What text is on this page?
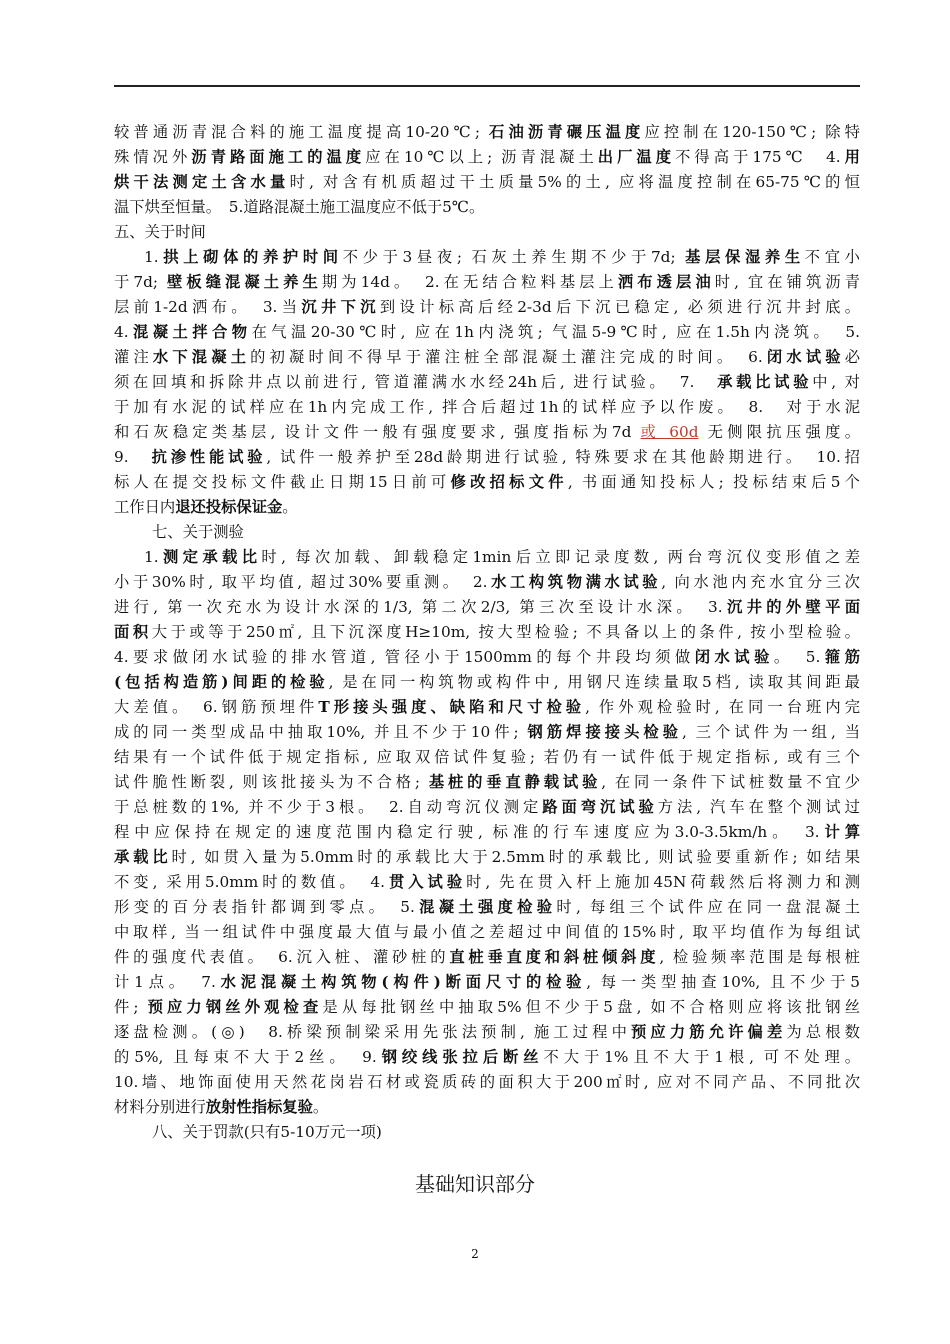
较普通沥青混合料的施工温度提高10-20℃; 石油沥青碾压温度应控制在120-150℃; 除特
殊情况外沥青路面施工的温度应在10℃以上; 沥青混凝土出厂温度不得高于175℃　4.用
烘干法测定土含水量时, 对含有机质超过干土质量5%的土, 应将温度控制在65-75℃的恒
温下烘至恒量。　5.道路混凝土施工温度应不低于5℃。
五、关于时间
1.拱上砌体的养护时间不少于3昼夜; 石灰土养生期不少于7d; 基层保湿养生不宜小
于7d; 壁板缝混凝土养生期为14d。　2.在无结合粒料基层上洒布透层油时, 宜在铺筑沥青
层前1-2d洒布。　3.当沉井下沉到设计标高后经2-3d后下沉已稳定, 必须进行沉井封底。
4.混凝土拌合物在气温20-30℃时, 应在1h内浇筑; 气温5-9℃时, 应在1.5h内浇筑。　5.
灌注水下混凝土的初凝时间不得早于灌注桩全部混凝土灌注完成的时间。　6.闭水试验必
须在回填和拆除井点以前进行, 管道灌满水水经24h后, 进行试验。　7.　承载比试验中, 对
于加有水泥的试样应在1h内完成工作, 拌合后超过1h的试样应予以作废。　8.　对于水泥
和石灰稳定类基层, 设计文件一般有强度要求, 强度指标为7d 或 60d 无侧限抗压强度。
9.　抗渗性能试验, 试件一般养护至28d龄期进行试验, 特殊要求在其他龄期进行。　10.招
标人在提交投标文件截止日期15日前可修改招标文件, 书面通知投标人; 投标结束后5个
工作日内退还投标保证金。
七、关于测验
1.测定承载比时, 每次加载、卸载稳定1min后立即记录度数, 两台弯沉仪变形值之差
小于30%时, 取平均值, 超过30%要重测。　2.水工构筑物满水试验, 向水池内充水宜分三次
进行, 第一次充水为设计水深的1/3, 第二次2/3, 第三次至设计水深。　3.沉井的外壁平面
面积大于或等于250㎡, 且下沉深度H≥10m, 按大型检验; 不具备以上的条件, 按小型检验。
4.要求做闭水试验的排水管道, 管径小于1500mm的每个井段均须做闭水试验。　5.箍筋
(包括构造筋)间距的检验, 是在同一构筑物或构件中, 用钢尺连续量取5档, 读取其间距最
大差值。　6.钢筋预埋件T形接头强度、缺陷和尺寸检验, 作外观检验时, 在同一台班内完
成的同一类型成品中抽取10%, 并且不少于10件; 钢筋焊接接头检验, 三个试件为一组, 当
结果有一个试件低于规定指标, 应取双倍试件复验; 若仍有一试件低于规定指标, 或有三个
试件脆性断裂, 则该批接头为不合格; 基桩的垂直静载试验, 在同一条件下试桩数量不宜少
于总桩数的1%, 并不少于3根。　2.自动弯沉仪测定路面弯沉试验方法, 汽车在整个测试过
程中应保持在规定的速度范围内稳定行驶, 标准的行车速度应为3.0-3.5km/h。　3.计算
承载比时, 如贯入量为5.0mm时的承载比大于2.5mm时的承载比, 则试验要重新作; 如结果
不变, 采用5.0mm时的数值。　4.贯入试验时, 先在贯入杆上施加45N荷载然后将测力和测
形变的百分表指针都调到零点。　5.混凝土强度检验时, 每组三个试件应在同一盘混凝土
中取样, 当一组试件中强度最大值与最小值之差超过中间值的15%时, 取平均值作为每组试
件的强度代表值。　6.沉入桩、灌砂桩的直桩垂直度和斜桩倾斜度, 检验频率范围是每根桩
计1点。　7.水泥混凝土构筑物(构件)断面尺寸的检验, 每一类型抽查10%, 且不少于5
件; 预应力钢丝外观检查是从每批钢丝中抽取5%但不少于5盘, 如不合格则应将该批钢丝
逐盘检测。(◎)　8.桥梁预制梁采用先张法预制, 施工过程中预应力筋允许偏差为总根数
的5%, 且每束不大于2丝。　9.钢绞线张拉后断丝不大于1%且不大于1根, 可不处理。
10.墙、地饰面使用天然花岗岩石材或瓷质砖的面积大于200㎡时, 应对不同产品、不同批次
材料分别进行放射性指标复验。
八、关于罚款(只有5-10万元一项)
基础知识部分
2
